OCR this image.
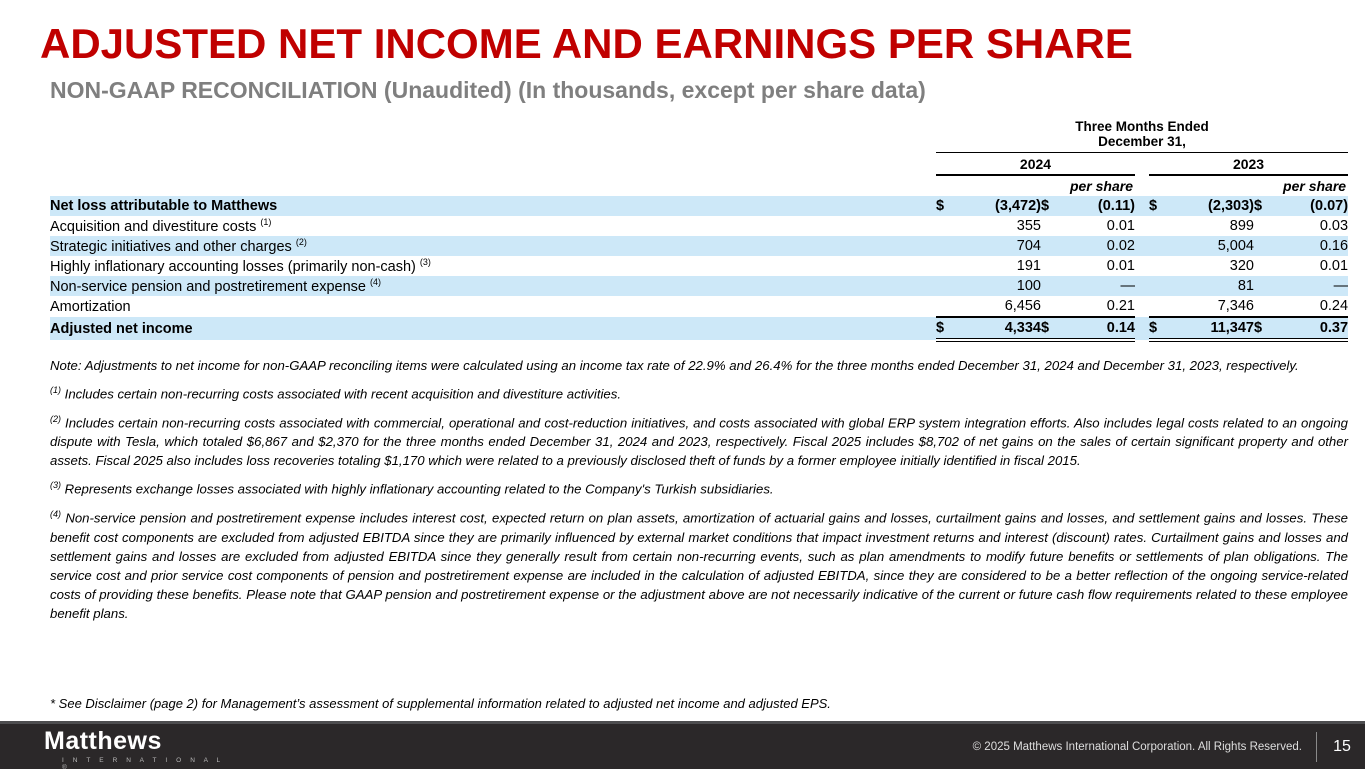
ADJUSTED NET INCOME AND EARNINGS PER SHARE
NON-GAAP RECONCILIATION (Unaudited) (In thousands, except per share data)

	Three Months Ended
December 31,								

	2024					2023			
	per share					per share			
Net loss attributable to Matthews	$	(3,472)	$	(0.11)		$	(2,303)	$	(0.07)
Acquisition and divestiture costs $^{(1)}$		355		0.01			899		0.03
Strategic initiatives and other charges $^{(2)}$		704		0.02			5,004		0.16
Highly inflationary accounting losses (primarily non-cash) $^{(3)}$		191		0.01			320		0.01
Non-service pension and postretirement expense $^{(4)}$		100		—			81		—
Amortization		6,456		0.21			7,346		0.24
Adjusted net income	$	4,334	$	0.14		$	11,347	$	0.37

Note: Adjustments to net income for non-GAAP reconciling items were calculated using an income tax rate of 22.9% and 26.4% for the three months ended December 31, 2024 and December 31, 2023, respectively.

$^{(1)}$ Includes certain non-recurring costs associated with recent acquisition and divestiture activities.

$^{(2)}$ Includes certain non-recurring costs associated with commercial, operational and cost-reduction initiatives, and costs associated with global ERP system integration efforts. Also includes legal costs related to an ongoing dispute with Tesla, which totaled $6,867 and $2,370 for the three months ended December 31, 2024 and 2023, respectively. Fiscal 2025 includes $8,702 of net gains on the sales of certain significant property and other assets. Fiscal 2025 also includes loss recoveries totaling $1,170 which were related to a previously disclosed theft of funds by a former employee initially identified in fiscal 2015.

$^{(3)}$ Represents exchange losses associated with highly inflationary accounting related to the Company's Turkish subsidiaries.

$^{(4)}$ Non-service pension and postretirement expense includes interest cost, expected return on plan assets, amortization of actuarial gains and losses, curtailment gains and losses, and settlement gains and losses. These benefit cost components are excluded from adjusted EBITDA since they are primarily influenced by external market conditions that impact investment returns and interest (discount) rates. Curtailment gains and losses and settlement gains and losses are excluded from adjusted EBITDA since they generally result from certain non-recurring events, such as plan amendments to modify future benefits or settlements of plan obligations. The service cost and prior service cost components of pension and postretirement expense are included in the calculation of adjusted EBITDA, since they are considered to be a better reflection of the ongoing service-related costs of providing these benefits. Please note that GAAP pension and postretirement expense or the adjustment above are not necessarily indicative of the current or future cash flow requirements related to these employee benefit plans.

* See Disclaimer (page 2) for Management’s assessment of supplemental information related to adjusted net income and adjusted EPS.

Matthews
I N T E R N A T I O N A L ®
© 2025 Matthews International Corporation. All Rights Reserved. 15
